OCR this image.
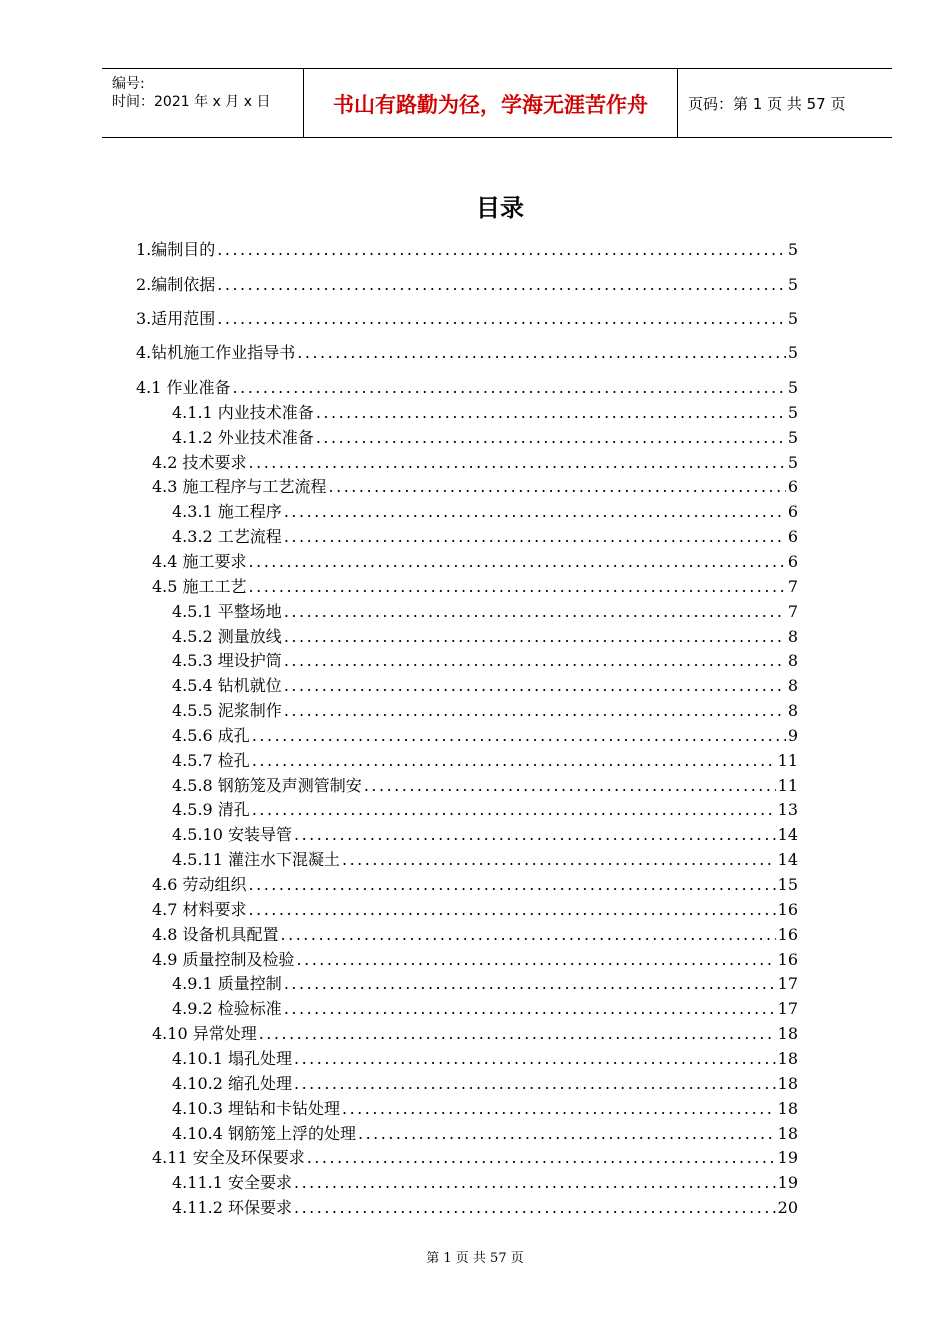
编号:
时间：2021 年 x 月 x 日	书山有路勤为径，学海无涯苦作舟	页码：第 1 页 共 57 页
目录
1.编制目的 .....	5
2.编制依据 .....	5
3.适用范围 .....	5
4.钻机施工作业指导书 .....	5
4.1 作业准备 .....	5
4.1.1 内业技术准备 .....	5
4.1.2 外业技术准备 .....	5
4.2 技术要求 .....	5
4.3 施工程序与工艺流程 .....	6
4.3.1 施工程序 .....	6
4.3.2 工艺流程 .....	6
4.4 施工要求 .....	6
4.5 施工工艺 .....	7
4.5.1 平整场地 .....	7
4.5.2 测量放线 .....	8
4.5.3 埋设护筒 .....	8
4.5.4 钻机就位 .....	8
4.5.5 泥浆制作 .....	8
4.5.6 成孔 .....	9
4.5.7 检孔 .....	11
4.5.8 钢筋笼及声测管制安 .....	11
4.5.9 清孔 .....	13
4.5.10 安装导管 .....	14
4.5.11 灌注水下混凝土 .....	14
4.6 劳动组织 .....	15
4.7 材料要求 .....	16
4.8 设备机具配置 .....	16
4.9 质量控制及检验 .....	16
4.9.1 质量控制 .....	17
4.9.2 检验标准 .....	17
4.10 异常处理 .....	18
4.10.1 塌孔处理 .....	18
4.10.2 缩孔处理 .....	18
4.10.3 埋钻和卡钻处理 .....	18
4.10.4 钢筋笼上浮的处理 .....	18
4.11 安全及环保要求 .....	19
4.11.1 安全要求 .....	19
4.11.2 环保要求 .....	20
第 1 页 共 57 页
